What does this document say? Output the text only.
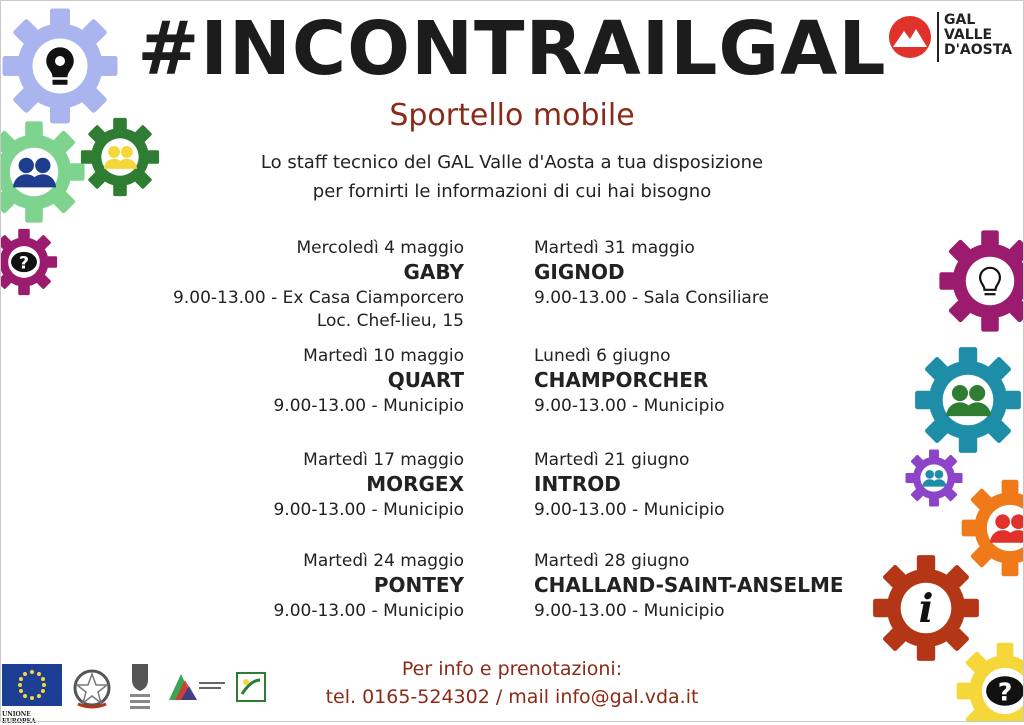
#INCONTRAILGAL
Sportello mobile
Lo staff tecnico del GAL Valle d'Aosta a tua disposizione
per fornirti le informazioni di cui hai bisogno
GAL
VALLE
D'AOSTA
Mercoledì 4 maggio
GABY
9.00-13.00 - Ex Casa Ciamporcero
Loc. Chef-lieu, 15
Martedì 10 maggio
QUART
9.00-13.00 - Municipio
Martedì 17 maggio
MORGEX
9.00-13.00 - Municipio
Martedì 24 maggio
PONTEY
9.00-13.00 - Municipio
Martedì 31 maggio
GIGNOD
9.00-13.00 - Sala Consiliare
Lunedì 6 giugno
CHAMPORCHER
9.00-13.00 - Municipio
Martedì 21 giugno
INTROD
9.00-13.00 - Municipio
Martedì 28 giugno
CHALLAND-SAINT-ANSELME
9.00-13.00 - Municipio
Per info e prenotazioni:
tel. 0165-524302 / mail info@gal.vda.it
?
i
?
UNIONE EUROPEA
